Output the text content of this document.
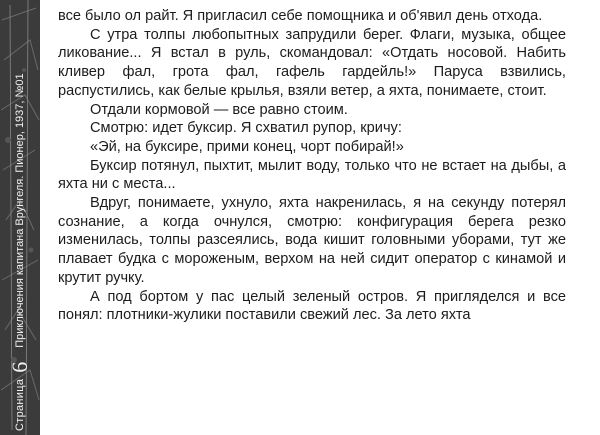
Страница
6
Приключения капитана Врунгеля. Пионер, 1937, №01

все было ол райт. Я пригласил себе помощника и об'явил день отхода.

С утра толпы любопытных запрудили берег. Флаги, музыка, общее ликование... Я встал в руль, скомандовал: «Отдать носовой. Набить кливер фал, грота фал, гафель гардейль!» Паруса взвились, распустились, как белые крылья, взяли ветер, а яхта, понимаете, стоит.

Отдали кормовой — все равно стоим.

Смотрю: идет буксир. Я схватил рупор, кричу:

«Эй, на буксире, прими конец, чорт побирай!»

Буксир потянул, пыхтит, мылит воду, только что не встает на дыбы, а яхта ни с места...

Вдруг, понимаете, ухнуло, яхта накренилась, я на секунду потерял сознание, а когда очнулся, смотрю: конфигурация берега резко изменилась, толпы разсеялись, вода кишит головными уборами, тут же плавает будка с мороженым, верхом на ней сидит оператор с кинамой и крутит ручку.

А под бортом у пас целый зеленый остров. Я пригляделся и все понял: плотники-жулики поставили свежий лес. За лето яхта
